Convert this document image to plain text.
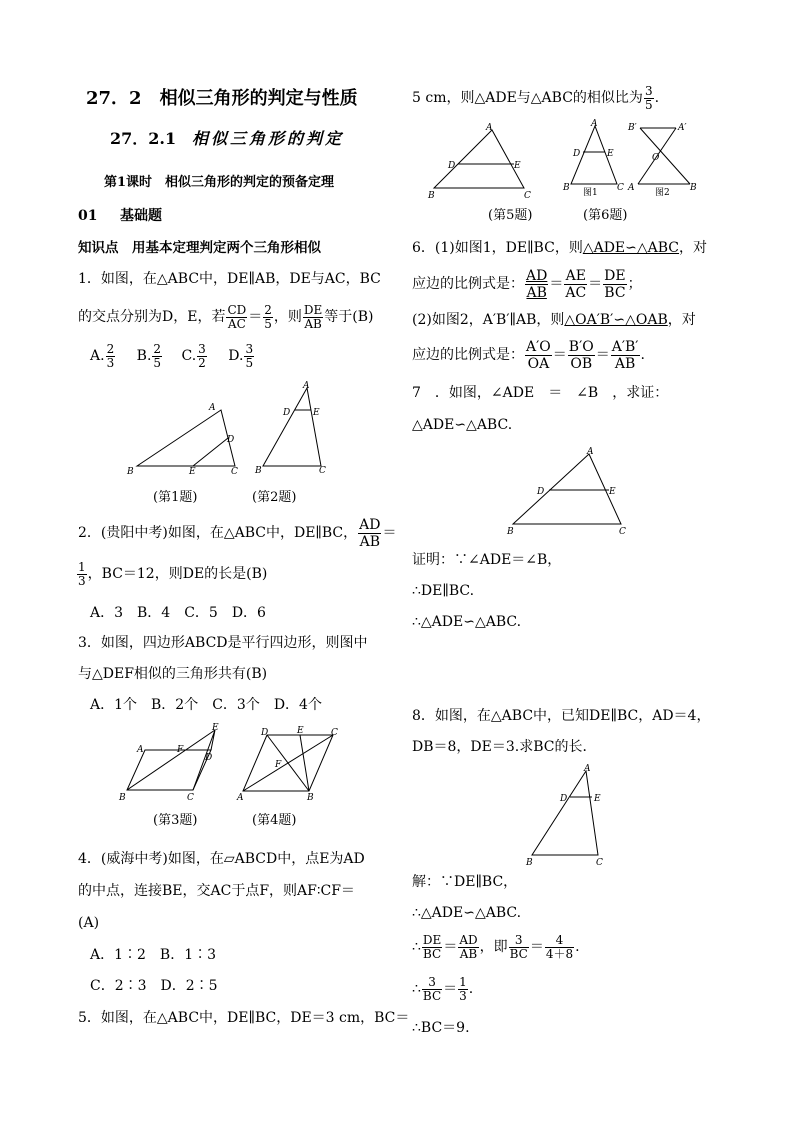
27．2　相似三角形的判定与性质
27．2.1 相似三角形的判定
第1课时　相似三角形的判定的预备定理
01 基础题
知识点　用基本定理判定两个三角形相似
1．如图，在△ABC中，DE∥AB，DE与AC，BC
的交点分别为D，E，若 $\frac{CD}{AC} = \frac{2}{5}$ ，则 $\frac{DE}{AB}$ 等于(B)
A. $\frac{2}{3} B$. $\frac{2}{5} C$. $\frac{3}{2} D$. $\frac{3}{5}$
A
B	C
D
E
A
B	C
D	E
(第1题)	(第2题)
2．(贵阳中考)如图，在△ABC中，DE∥BC， $\frac{AD}{AB}$ ＝
$\frac{1}{3}$ ，BC＝12，则DE的长是(B)
A．3　B．4　C．5　D．6
3．如图，四边形ABCD是平行四边形，则图中
与△DEF相似的三角形共有(B)
A．1个　B．2个　C．3个　D．4个
A
B	C
D
E
F
D	C
E
A	B
F
(第3题)	(第4题)
4．(威海中考)如图，在▱ABCD中，点E为AD
的中点，连接BE，交AC于点F，则AF∶CF＝
(A)
A．1∶2　B．1∶3
C．2∶3　D．2∶5
5．如图，在△ABC中，DE∥BC，DE＝3 cm，BC＝
5 cm，则△ADE与△ABC的相似比为 $\frac{3}{5}$ .
A
B	C
D	E
A
B	C
D	E
B′	A′
O
A	B
图1	图2
(第5题)	(第6题)
6．(1)如图1，DE∥BC，则△ADE∽△ABC，对
应边的比例式是： $\frac{AD}{AB} = \frac{AE}{AC} = \frac{DE}{BC}$ ；
(2)如图2，A′B′∥AB，则△OA′B′∽△OAB，对
应边的比例式是： $\frac{A'O}{OA} = \frac{B'O}{OB} = \frac{A'B'}{AB}$ .
7　．如图，∠ADE　＝　∠B　，求证：
△ADE∽△ABC.
A
B	C
D	E
证明：∵∠ADE＝∠B，
∴DE∥BC.
∴△ADE∽△ABC.
8．如图，在△ABC中，已知DE∥BC，AD＝4，
DB＝8，DE＝3.求BC的长．
A
B	C
D	E
解：∵DE∥BC，
∴△ADE∽△ABC.
∴ $\frac{DE}{BC} = \frac{AD}{AB}$ ，即 $\frac{3}{BC} = \frac{4}{4+8}$ .
∴ $\frac{3}{BC} = \frac{1}{3}$ .
∴BC＝9.
